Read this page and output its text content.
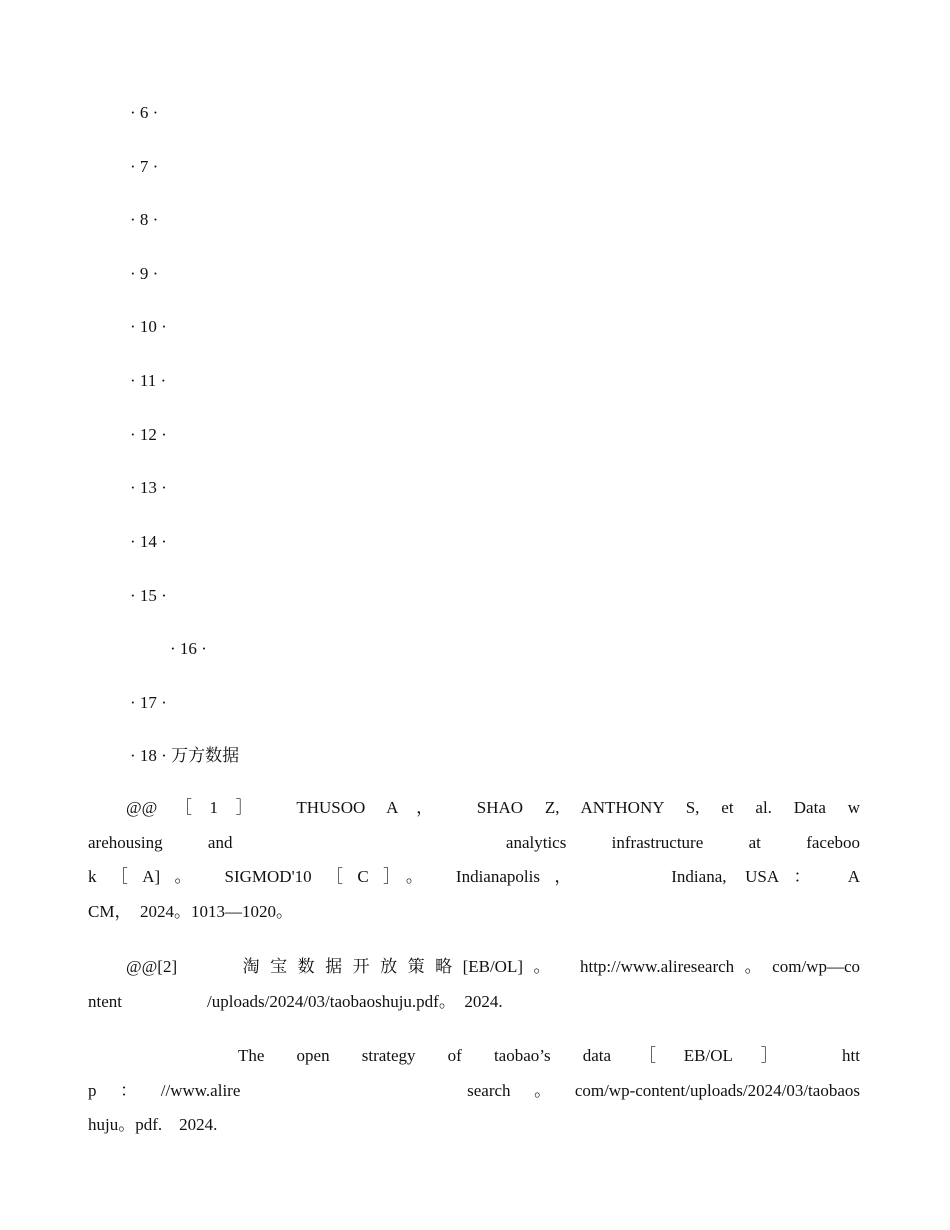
· 6 ·
· 7 ·
· 8 ·
· 9 ·
· 10 ·
· 11 ·
· 12 ·
· 13 ·
· 14 ·
· 15 ·
· 16 ·
· 17 ·
· 18 · 万方数据
@@［1］　THUSOO A，　SHAO Z, ANTHONY S, et al. Data w
arehousing and　　　　analytics infrastructure at faceboo
k［A]。 SIGMOD'10［C］。 Indianapolis，　　　Indiana, USA：　A
CM，　2024。1013—1020。
@@[2]　　淘宝数据开放策略[EB/OL]。　http://www.aliresearch。com/wp—co
ntent　　　　　/uploads/2024/03/taobaoshuju.pdf。　2024.
The open strategy of taobao’s data［EB/OL］　htt
p：//www.alire　　　　　search。com/wp-content/uploads/2024/03/taobaos
huju。pdf.　2024.
